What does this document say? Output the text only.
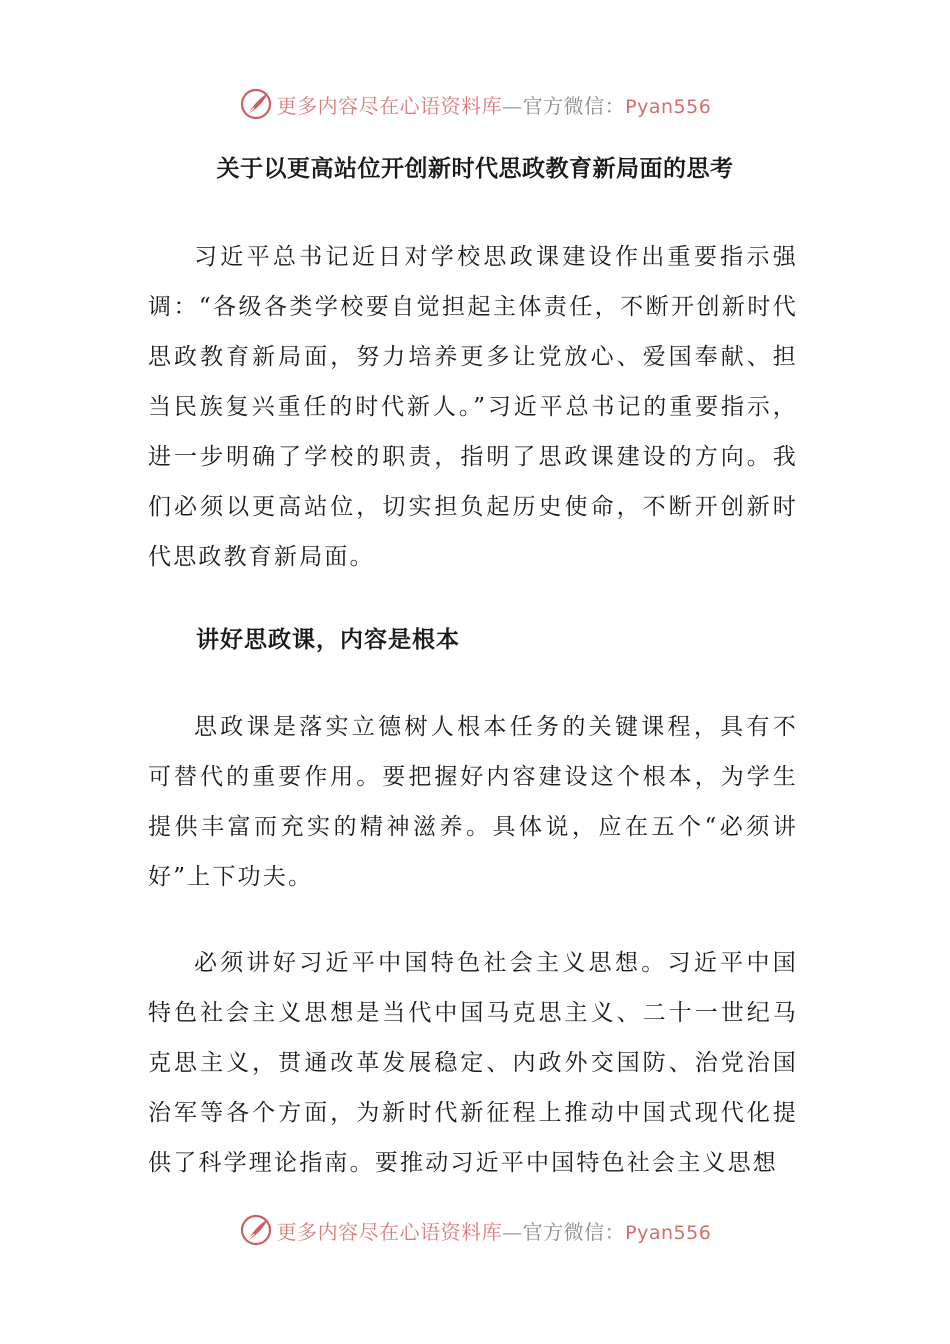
更多内容尽在心语资料库—官方微信：Pyan556
关于以更高站位开创新时代思政教育新局面的思考

习近平总书记近日对学校思政课建设作出重要指示强调：“各级各类学校要自觉担起主体责任，不断开创新时代思政教育新局面，努力培养更多让党放心、爱国奉献、担当民族复兴重任的时代新人。”习近平总书记的重要指示，进一步明确了学校的职责，指明了思政课建设的方向。我们必须以更高站位，切实担负起历史使命，不断开创新时代思政教育新局面。

讲好思政课，内容是根本

思政课是落实立德树人根本任务的关键课程，具有不可替代的重要作用。要把握好内容建设这个根本，为学生提供丰富而充实的精神滋养。具体说，应在五个“必须讲好”上下功夫。

必须讲好习近平中国特色社会主义思想。习近平中国特色社会主义思想是当代中国马克思主义、二十一世纪马克思主义，贯通改革发展稳定、内政外交国防、治党治国治军等各个方面，为新时代新征程上推动中国式现代化提供了科学理论指南。要推动习近平中国特色社会主义思想

更多内容尽在心语资料库—官方微信：Pyan556
